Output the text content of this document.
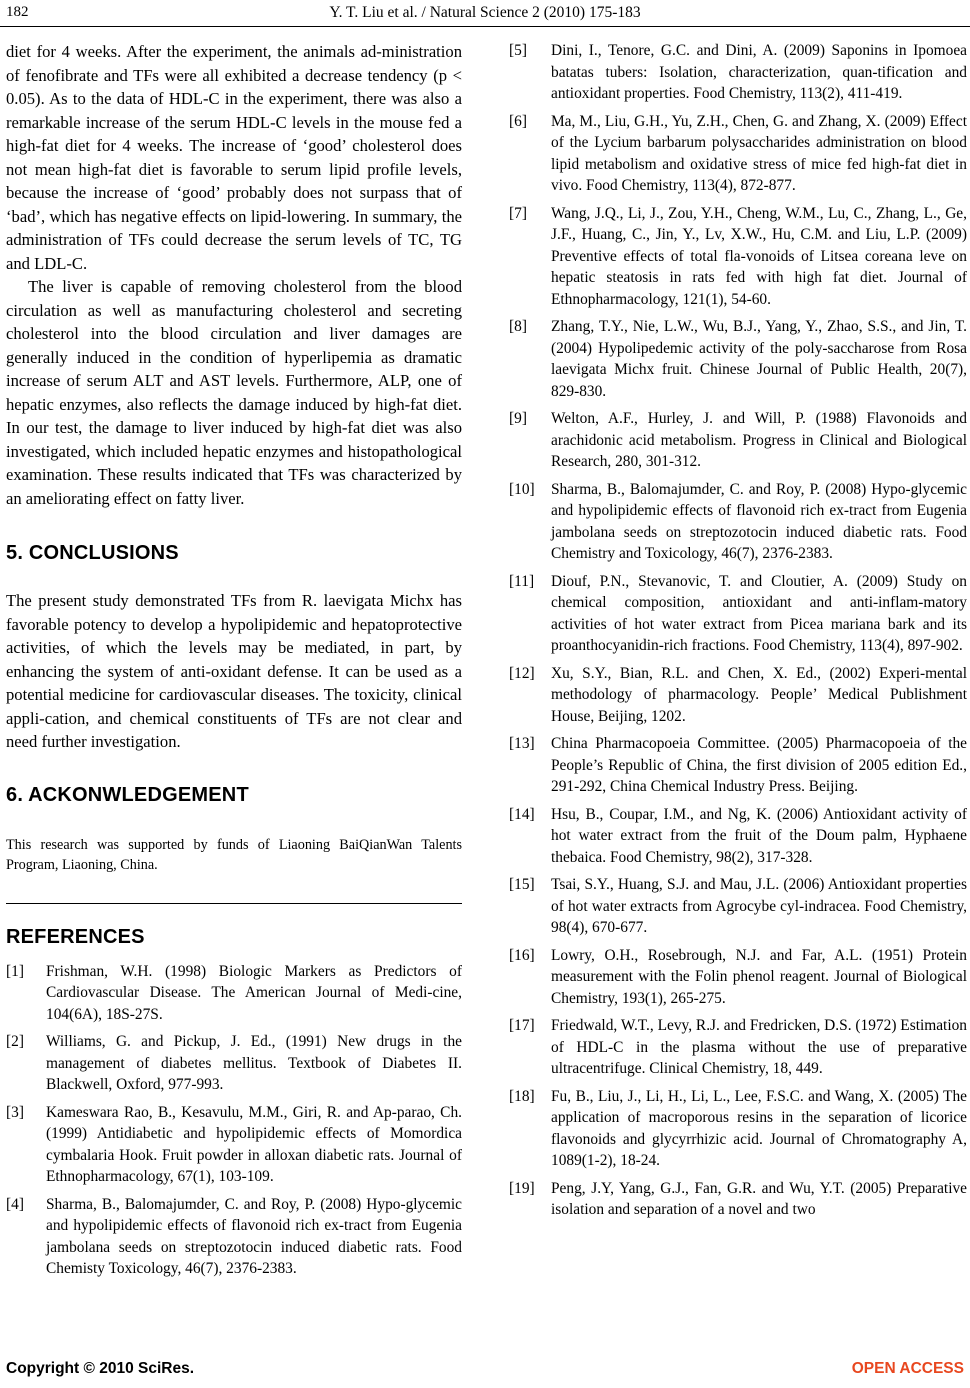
182	Y. T. Liu et al. / Natural Science 2 (2010) 175-183

diet for 4 weeks. After the experiment, the animals ad-ministration of fenofibrate and TFs were all exhibited a decrease tendency (p < 0.05). As to the data of HDL-C in the experiment, there was also a remarkable increase of the serum HDL-C levels in the mouse fed a high-fat diet for 4 weeks. The increase of ‘good’ cholesterol does not mean high-fat diet is favorable to serum lipid profile levels, because the increase of ‘good’ probably does not surpass that of ‘bad’, which has negative effects on lipid-lowering. In summary, the administration of TFs could decrease the serum levels of TC, TG and LDL-C.

The liver is capable of removing cholesterol from the blood circulation as well as manufacturing cholesterol and secreting cholesterol into the blood circulation and liver damages are generally induced in the condition of hyperlipemia as dramatic increase of serum ALT and AST levels. Furthermore, ALP, one of hepatic enzymes, also reflects the damage induced by high-fat diet. In our test, the damage to liver induced by high-fat diet was also investigated, which included hepatic enzymes and histopathological examination. These results indicated that TFs was characterized by an ameliorating effect on fatty liver.

5. CONCLUSIONS

The present study demonstrated TFs from R. laevigata Michx has favorable potency to develop a hypolipidemic and hepatoprotective activities, of which the levels may be mediated, in part, by enhancing the system of anti-oxidant defense. It can be used as a potential medicine for cardiovascular diseases. The toxicity, clinical appli-cation, and chemical constituents of TFs are not clear and need further investigation.

6. ACKONWLEDGEMENT

This research was supported by funds of Liaoning BaiQianWan Talents Program, Liaoning, China.

REFERENCES
[1] Frishman, W.H. (1998) Biologic Markers as Predictors of Cardiovascular Disease. The American Journal of Medi-cine, 104(6A), 18S-27S.
[2] Williams, G. and Pickup, J. Ed., (1991) New drugs in the management of diabetes mellitus. Textbook of Diabetes II. Blackwell, Oxford, 977-993.
[3] Kameswara Rao, B., Kesavulu, M.M., Giri, R. and Ap-parao, Ch. (1999) Antidiabetic and hypolipidemic effects of Momordica cymbalaria Hook. Fruit powder in alloxan diabetic rats. Journal of Ethnopharmacology, 67(1), 103-109.
[4] Sharma, B., Balomajumder, C. and Roy, P. (2008) Hypo-glycemic and hypolipidemic effects of flavonoid rich ex-tract from Eugenia jambolana seeds on streptozotocin induced diabetic rats. Food Chemisty Toxicology, 46(7), 2376-2383.
[5] Dini, I., Tenore, G.C. and Dini, A. (2009) Saponins in Ipomoea batatas tubers: Isolation, characterization, quan-tification and antioxidant properties. Food Chemistry, 113(2), 411-419.
[6] Ma, M., Liu, G.H., Yu, Z.H., Chen, G. and Zhang, X. (2009) Effect of the Lycium barbarum polysaccharides administration on blood lipid metabolism and oxidative stress of mice fed high-fat diet in vivo. Food Chemistry, 113(4), 872-877.
[7] Wang, J.Q., Li, J., Zou, Y.H., Cheng, W.M., Lu, C., Zhang, L., Ge, J.F., Huang, C., Jin, Y., Lv, X.W., Hu, C.M. and Liu, L.P. (2009) Preventive effects of total fla-vonoids of Litsea coreana leve on hepatic steatosis in rats fed with high fat diet. Journal of Ethnopharmacology, 121(1), 54-60.
[8] Zhang, T.Y., Nie, L.W., Wu, B.J., Yang, Y., Zhao, S.S., and Jin, T. (2004) Hypolipedemic activity of the poly-saccharose from Rosa laevigata Michx fruit. Chinese Journal of Public Health, 20(7), 829-830.
[9] Welton, A.F., Hurley, J. and Will, P. (1988) Flavonoids and arachidonic acid metabolism. Progress in Clinical and Biological Research, 280, 301-312.
[10] Sharma, B., Balomajumder, C. and Roy, P. (2008) Hypo-glycemic and hypolipidemic effects of flavonoid rich ex-tract from Eugenia jambolana seeds on streptozotocin induced diabetic rats. Food Chemistry and Toxicology, 46(7), 2376-2383.
[11] Diouf, P.N., Stevanovic, T. and Cloutier, A. (2009) Study on chemical composition, antioxidant and anti-inflam-matory activities of hot water extract from Picea mariana bark and its proanthocyanidin-rich fractions. Food Chemistry, 113(4), 897-902.
[12] Xu, S.Y., Bian, R.L. and Chen, X. Ed., (2002) Experi-mental methodology of pharmacology. People’ Medical Publishment House, Beijing, 1202.
[13] China Pharmacopoeia Committee. (2005) Pharmacopoeia of the People’s Republic of China, the first division of 2005 edition Ed., 291-292, China Chemical Industry Press. Beijing.
[14] Hsu, B., Coupar, I.M., and Ng, K. (2006) Antioxidant activity of hot water extract from the fruit of the Doum palm, Hyphaene thebaica. Food Chemistry, 98(2), 317-328.
[15] Tsai, S.Y., Huang, S.J. and Mau, J.L. (2006) Antioxidant properties of hot water extracts from Agrocybe cyl-indracea. Food Chemistry, 98(4), 670-677.
[16] Lowry, O.H., Rosebrough, N.J. and Far, A.L. (1951) Protein measurement with the Folin phenol reagent. Journal of Biological Chemistry, 193(1), 265-275.
[17] Friedwald, W.T., Levy, R.J. and Fredricken, D.S. (1972) Estimation of HDL-C in the plasma without the use of preparative ultracentrifuge. Clinical Chemistry, 18, 449.
[18] Fu, B., Liu, J., Li, H., Li, L., Lee, F.S.C. and Wang, X. (2005) The application of macroporous resins in the separation of licorice flavonoids and glycyrrhizic acid. Journal of Chromatography A, 1089(1-2), 18-24.
[19] Peng, J.Y, Yang, G.J., Fan, G.R. and Wu, Y.T. (2005) Preparative isolation and separation of a novel and two
Copyright © 2010 SciRes.	OPEN ACCESS
